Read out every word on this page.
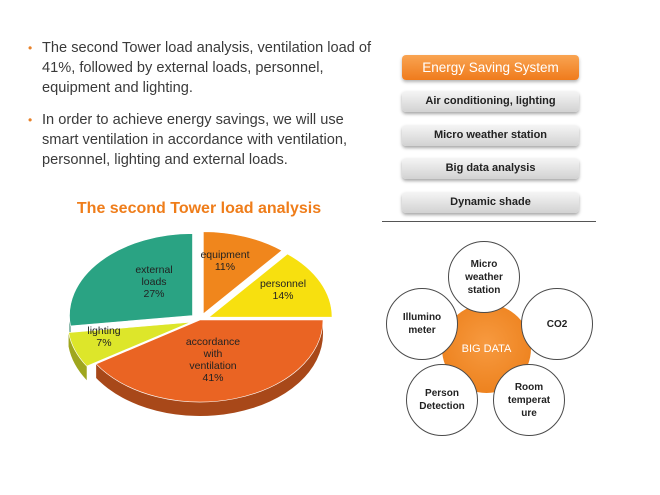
• The second Tower load analysis, ventilation load of 41%, followed by external loads, personnel, equipment and lighting.
• In order to achieve energy savings, we will use smart ventilation in accordance with ventilation, personnel, lighting and external loads.
The second Tower load analysis
equipment 11%
personnel 14%
accordance with ventilation 41%
lighting 7%
external loads 27%
Energy Saving System
Air conditioning, lighting
Micro weather station
Big data analysis
Dynamic shade
BIG DATA
Micro
weather
station
CO2
Illumino
meter
Person
Detection
Room
temperat
ure
